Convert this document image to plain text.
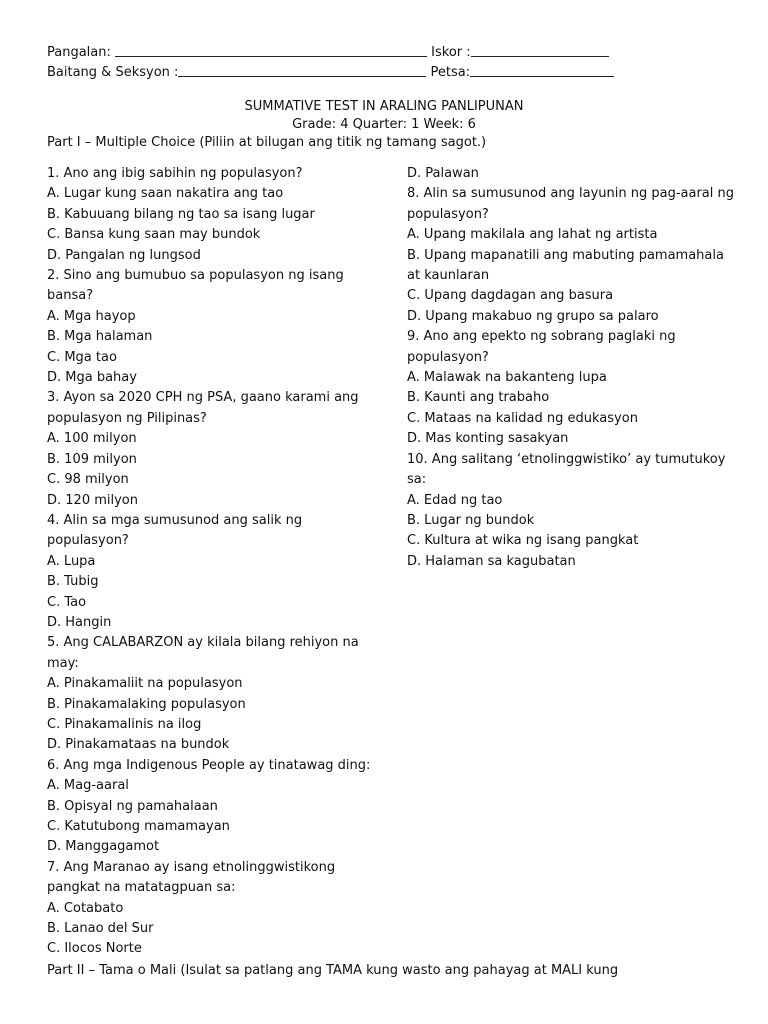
Pangalan:	Iskor :
Baitang & Seksyon :	Petsa:
SUMMATIVE TEST IN ARALING PANLIPUNAN
Grade: 4 Quarter: 1 Week: 6
Part I – Multiple Choice (Piliin at bilugan ang titik ng tamang sagot.)

1. Ano ang ibig sabihin ng populasyon?

A. Lugar kung saan nakatira ang tao

B. Kabuuang bilang ng tao sa isang lugar

C. Bansa kung saan may bundok

D. Pangalan ng lungsod

2. Sino ang bumubuo sa populasyon ng isang

bansa?

A. Mga hayop

B. Mga halaman

C. Mga tao

D. Mga bahay

3. Ayon sa 2020 CPH ng PSA, gaano karami ang

populasyon ng Pilipinas?

A. 100 milyon

B. 109 milyon

C. 98 milyon

D. 120 milyon

4. Alin sa mga sumusunod ang salik ng

populasyon?

A. Lupa

B. Tubig

C. Tao

D. Hangin

5. Ang CALABARZON ay kilala bilang rehiyon na

may:

A. Pinakamaliit na populasyon

B. Pinakamalaking populasyon

C. Pinakamalinis na ilog

D. Pinakamataas na bundok

6. Ang mga Indigenous People ay tinatawag ding:

A. Mag-aaral

B. Opisyal ng pamahalaan

C. Katutubong mamamayan

D. Manggagamot

7. Ang Maranao ay isang etnolinggwistikong

pangkat na matatagpuan sa:

A. Cotabato

B. Lanao del Sur

C. Ilocos Norte

D. Palawan

8. Alin sa sumusunod ang layunin ng pag-aaral ng

populasyon?

A. Upang makilala ang lahat ng artista

B. Upang mapanatili ang mabuting pamamahala

at kaunlaran

C. Upang dagdagan ang basura

D. Upang makabuo ng grupo sa palaro

9. Ano ang epekto ng sobrang paglaki ng

populasyon?

A. Malawak na bakanteng lupa

B. Kaunti ang trabaho

C. Mataas na kalidad ng edukasyon

D. Mas konting sasakyan

10. Ang salitang ‘etnolinggwistiko’ ay tumutukoy

sa:

A. Edad ng tao

B. Lugar ng bundok

C. Kultura at wika ng isang pangkat

D. Halaman sa kagubatan

Part II – Tama o Mali (Isulat sa patlang ang TAMA kung wasto ang pahayag at MALI kung
